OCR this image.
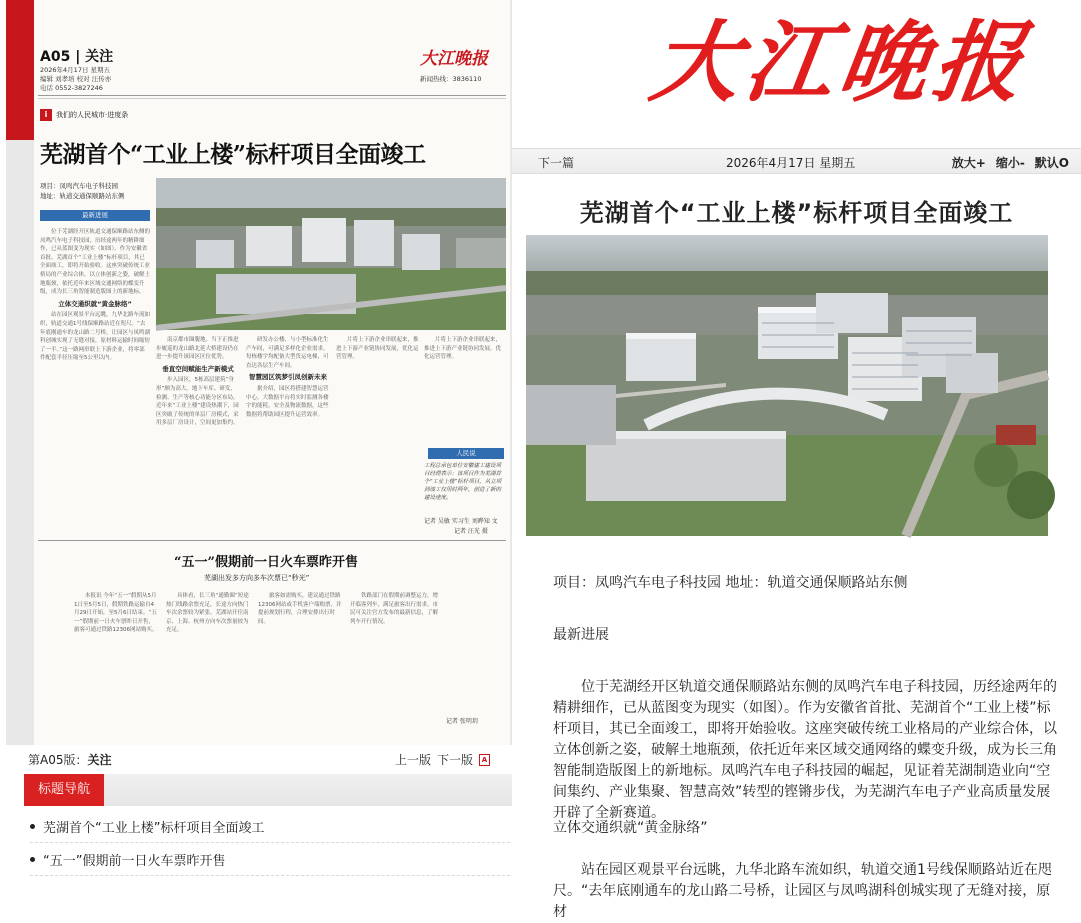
A05 | 关注
2026年4月17日 星期五
编辑 刘孝培 校对 汪传亦
电话 0552-3827246
大江晚报
新闻热线：3836110
i	我们的人民城市·进度条
芜湖首个“工业上楼”标杆项目全面竣工
项目：凤鸣汽车电子科技园
地址：轨道交通保顺路站东侧
最新进展
位于芜湖经开区轨道交通保顺路站东侧的凤鸣汽车电子科技园，历经途两年的精耕细作，已从蓝图变为现实（如图）。作为安徽省首批、芜湖首个“工业上楼”标杆项目，其已全面竣工，即将开始验收。这座突破传统工业格局的产业综合体，以立体创新之姿，破解土地瓶颈，依托近年来区域交通网络的蝶变升级，成为长三角智能制造版图上的新地标。
立体交通织就“黄金脉络”
站在园区观景平台远眺，九华北路车流如织，轨道交通1号线保顺路站近在咫尺。“去年底刚通车的龙山路二号桥，让园区与凤鸣湖科创城实现了无缝对接，原材料运输时间缩短了一半。”这一路网串联上下游企业，将零部件配套半径压缩至5公里以内。
南京都市圈腹地。当下正推进步履巡的龙山路北延大桥建设仍在进一步提升该园区区位优势。
垂直空间赋能生产新模式
步入园区，5栋高层建筑“身形”颇为高大。地下车库、研发、检测、生产等核心功能分区布局。近年来“工业上楼”建设热潮下，园区突破了传统的单层厂房模式，采用多层厂房设计，空间更加集约。
研发办公楼、与小型标准化生产车间，可满足多样化企业需求。每栋楼宇均配备大型货运电梯，可直达各层生产车间。
智慧园区筑梦引凤创新未来
据介绍，园区将搭建智慧运营中心，大数据平台将实时监测各楼宇的能耗、安全及物流数据，这些数据将帮助园区提升运营效率。
片将上下游企业串联起来，推进上下游产业链协同发展，优化运营管理。
片将上下游企业串联起来，推进上下游产业链协同发展，优化运营管理。
人民说
工程总承包单位安徽建工建设项目经理表示：该项目作为芜湖首个“工业上楼”标杆项目，从立项到竣工仅用时两年，创造了新的建设速度。
记者 吴敏 实习生 刘晔知 文
记者 汪光 摄
“五一”假期前一日火车票昨开售
芜湖出发多方向多车次票已“秒光”
本报讯 今年“五一”假期从5月1日至5月5日，假期铁路运输自4月29日开始，至5月6日结束。“五一”假期前一日火车票昨日开售，旅客可通过铁路12306网站购买。
具体看，长三角“通勤圈”短途热门线路余票充足，长途方向热门车次余票较为紧张。芜湖站开往南京、上海、杭州方向车次票量较为充足。
旅客如需购买，建议通过铁路12306网站或手机客户端购票，并提前规划行程，合理安排出行时间。
铁路部门在假期前调整运力，增开临客列车，满足旅客出行需求。市民可关注官方发布的最新信息，了解列车开行情况。
记者 张明玥
第A05版：关注	上一版 下一版	A
标题导航
芜湖首个“工业上楼”标杆项目全面竣工
“五一”假期前一日火车票昨开售
大江晚报
下一篇	2026年4月17日 星期五	放大+ 缩小- 默认O
芜湖首个“工业上楼”标杆项目全面竣工
项目：凤鸣汽车电子科技园 地址：轨道交通保顺路站东侧
最新进展
位于芜湖经开区轨道交通保顺路站东侧的凤鸣汽车电子科技园，历经途两年的精耕细作，已从蓝图变为现实（如图）。作为安徽省首批、芜湖首个“工业上楼”标杆项目，其已全面竣工，即将开始验收。这座突破传统工业格局的产业综合体，以立体创新之姿，破解土地瓶颈，依托近年来区域交通网络的蝶变升级，成为长三角智能制造版图上的新地标。凤鸣汽车电子科技园的崛起，见证着芜湖制造业向“空间集约、产业集聚、智慧高效”转型的铿锵步伐，为芜湖汽车电子产业高质量发展开辟了全新赛道。
立体交通织就“黄金脉络”
站在园区观景平台远眺，九华北路车流如织，轨道交通1号线保顺路站近在咫尺。“去年底刚通车的龙山路二号桥，让园区与凤鸣湖科创城实现了无缝对接，原材
